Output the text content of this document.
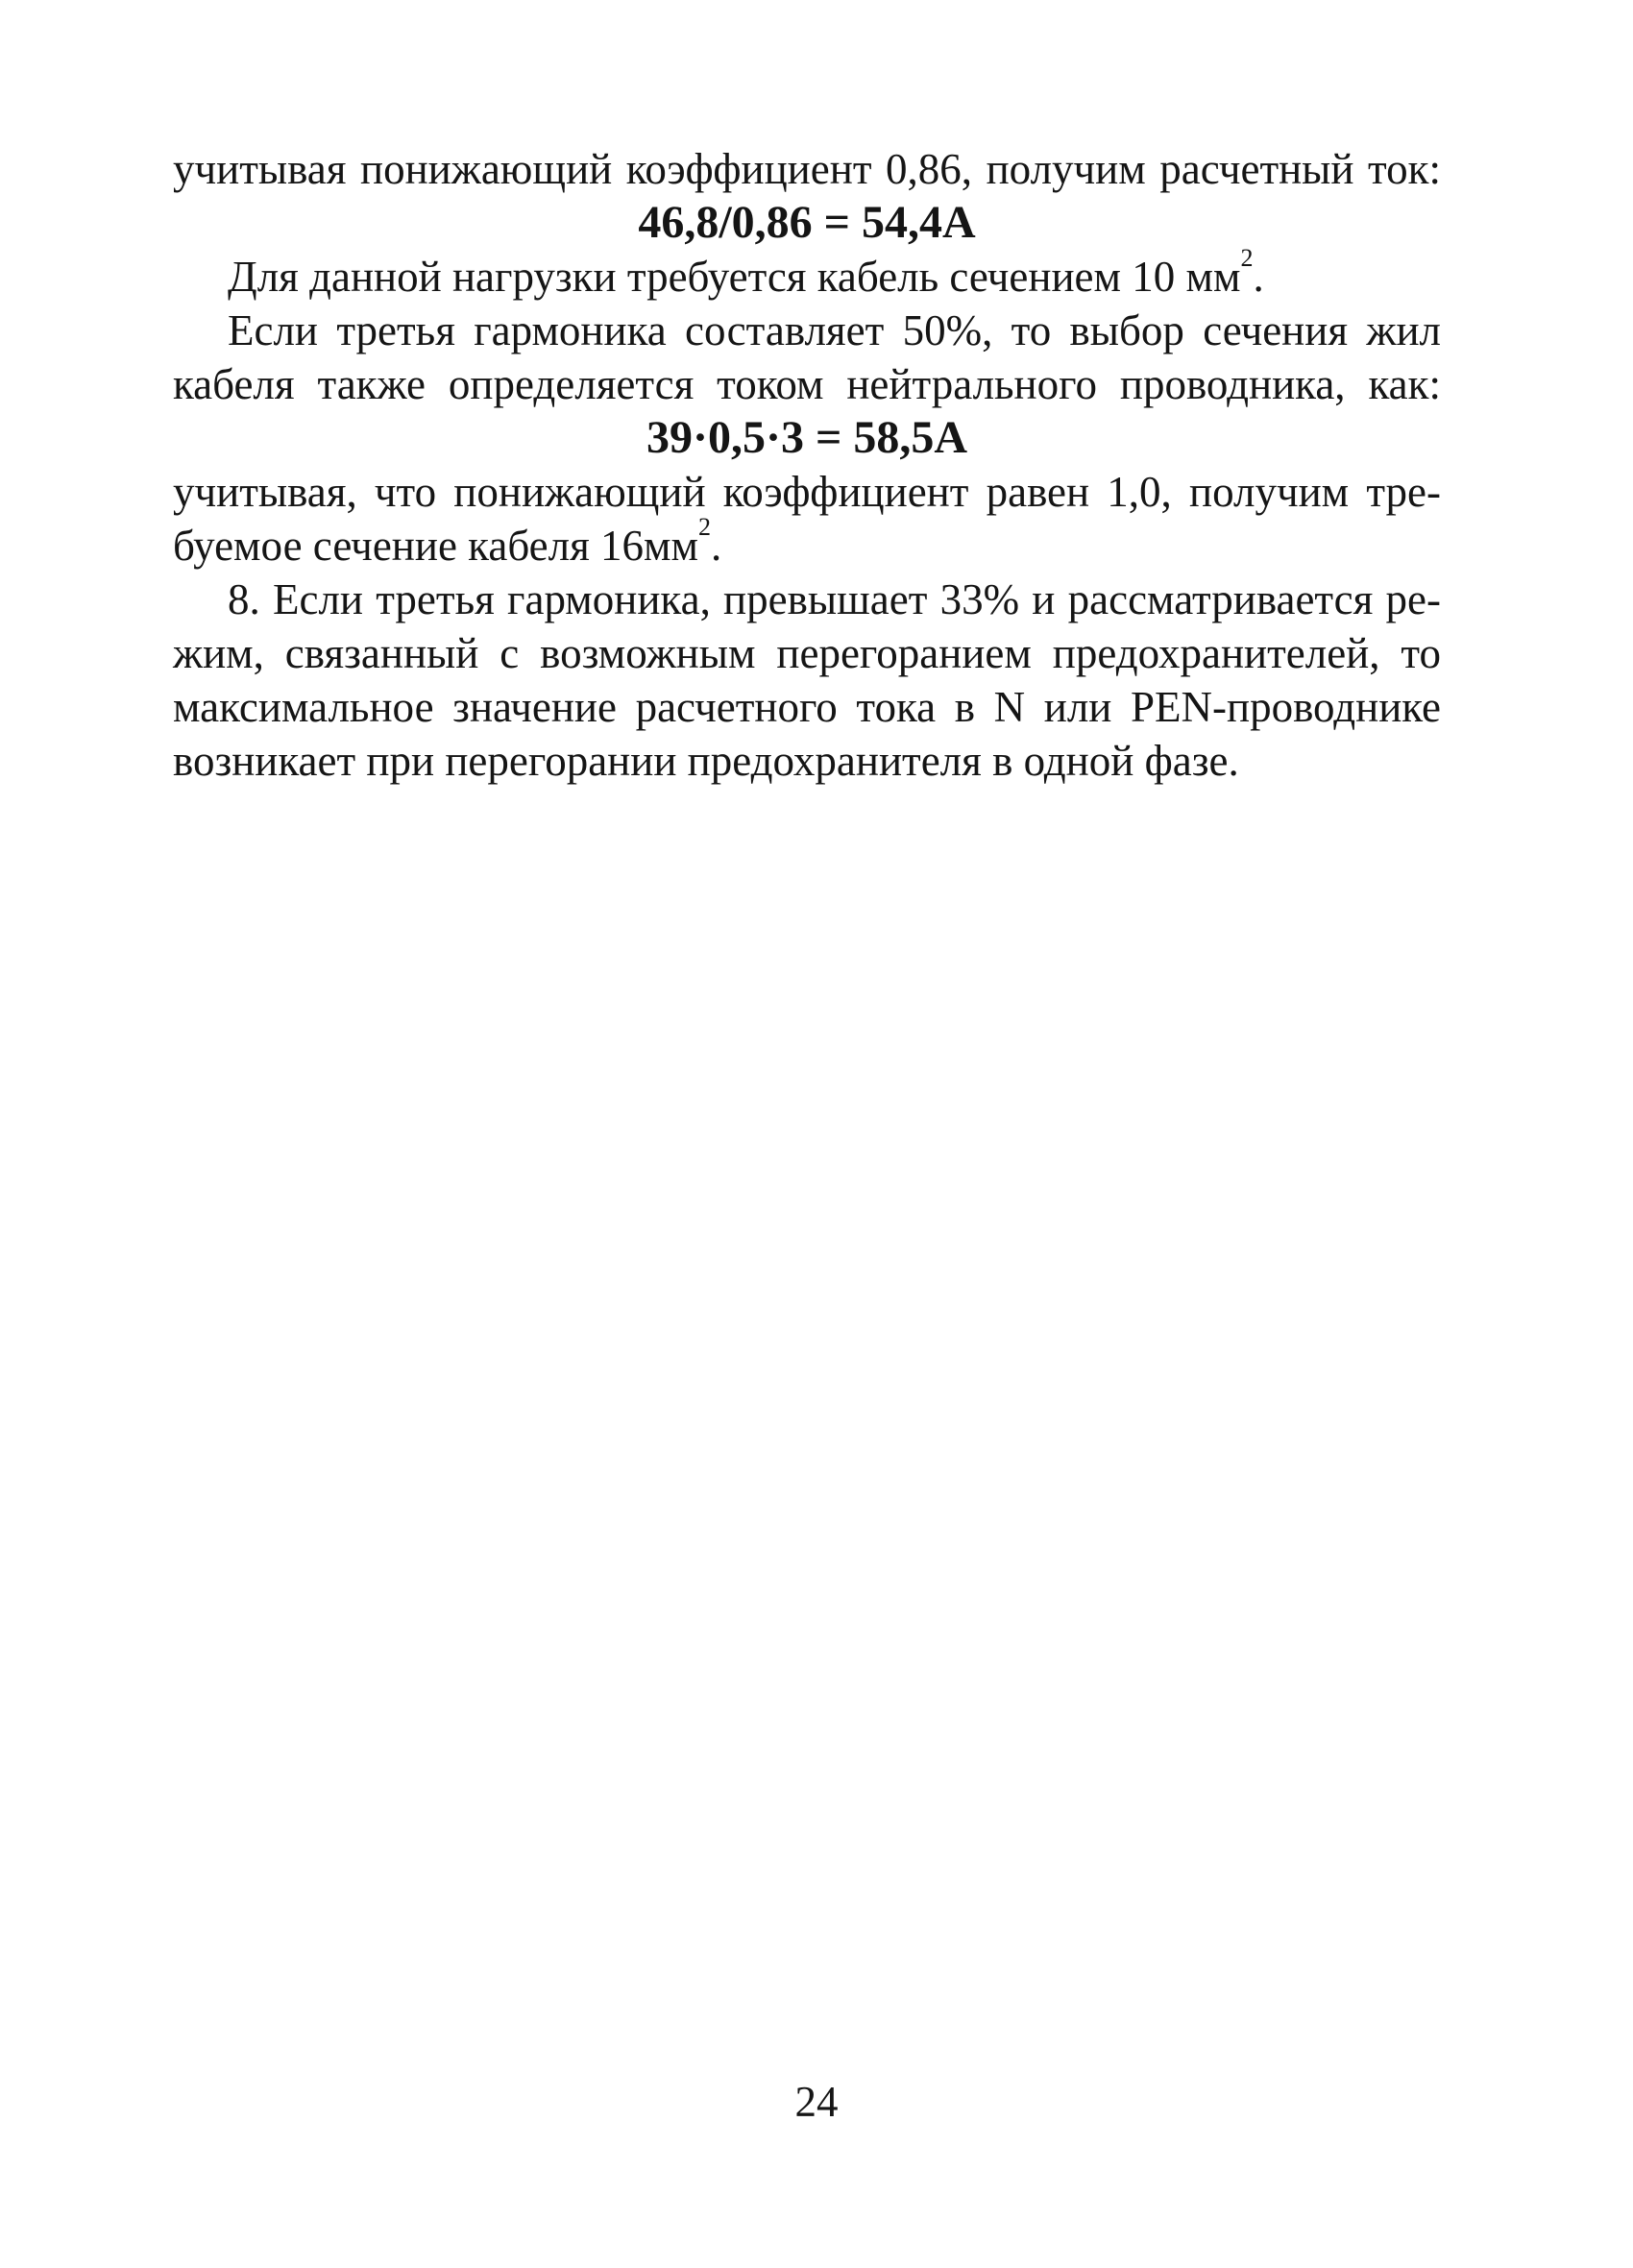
учитывая понижающий коэффициент 0,86, получим расчетный ток:
46,8/0,86 = 54,4А
Для данной нагрузки требуется кабель сечением 10 $мм^2$.
Если третья гармоника составляет 50%, то выбор сечения жил
кабеля также определяется током нейтрального проводника, как:
39·0,5·3 = 58,5А
учитывая, что понижающий коэффициент равен 1,0, получим тре-
буемое сечение кабеля $16мм^2$.
8. Если третья гармоника, превышает 33% и рассматривается ре-
жим, связанный с возможным перегоранием предохранителей, то
максимальное значение расчетного тока в N или PEN-проводнике
возникает при перегорании предохранителя в одной фазе.
24
